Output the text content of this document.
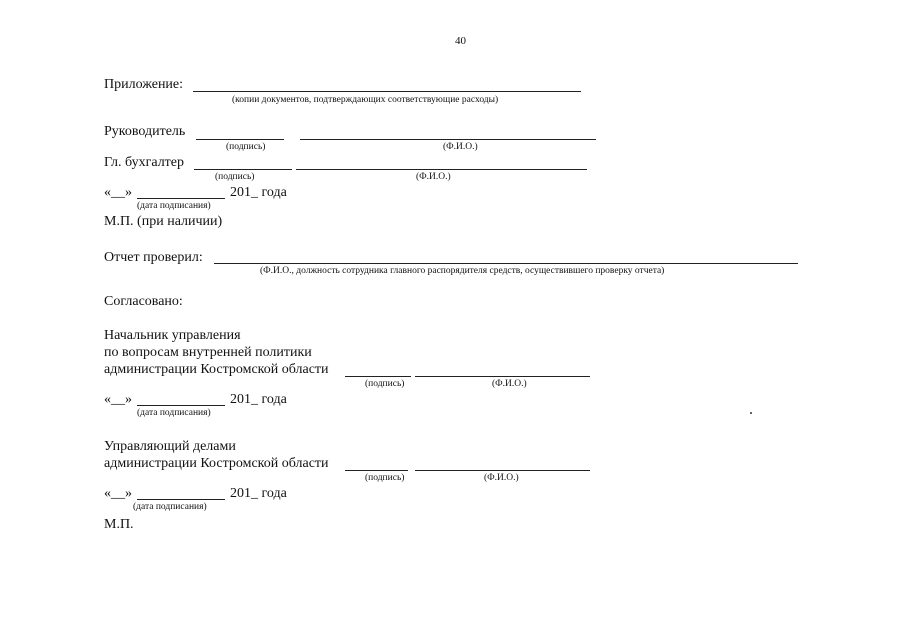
40
Приложение:
(копии документов, подтверждающих соответствующие расходы)
Руководитель
(подпись)	(Ф.И.О.)
Гл. бухгалтер
(подпись)	(Ф.И.О.)
«__»	201_ года
(дата подписания)
М.П. (при наличии)
Отчет проверил:
(Ф.И.О., должность сотрудника главного распорядителя средств, осуществившего проверку отчета)
Согласовано:
Начальник управления
по вопросам внутренней политики
администрации Костромской области
(подпись)	(Ф.И.О.)
«__»	201_ года
(дата подписания)
Управляющий делами
администрации Костромской области
(подпись)	(Ф.И.О.)
«__»	201_ года
(дата подписания)
М.П.
